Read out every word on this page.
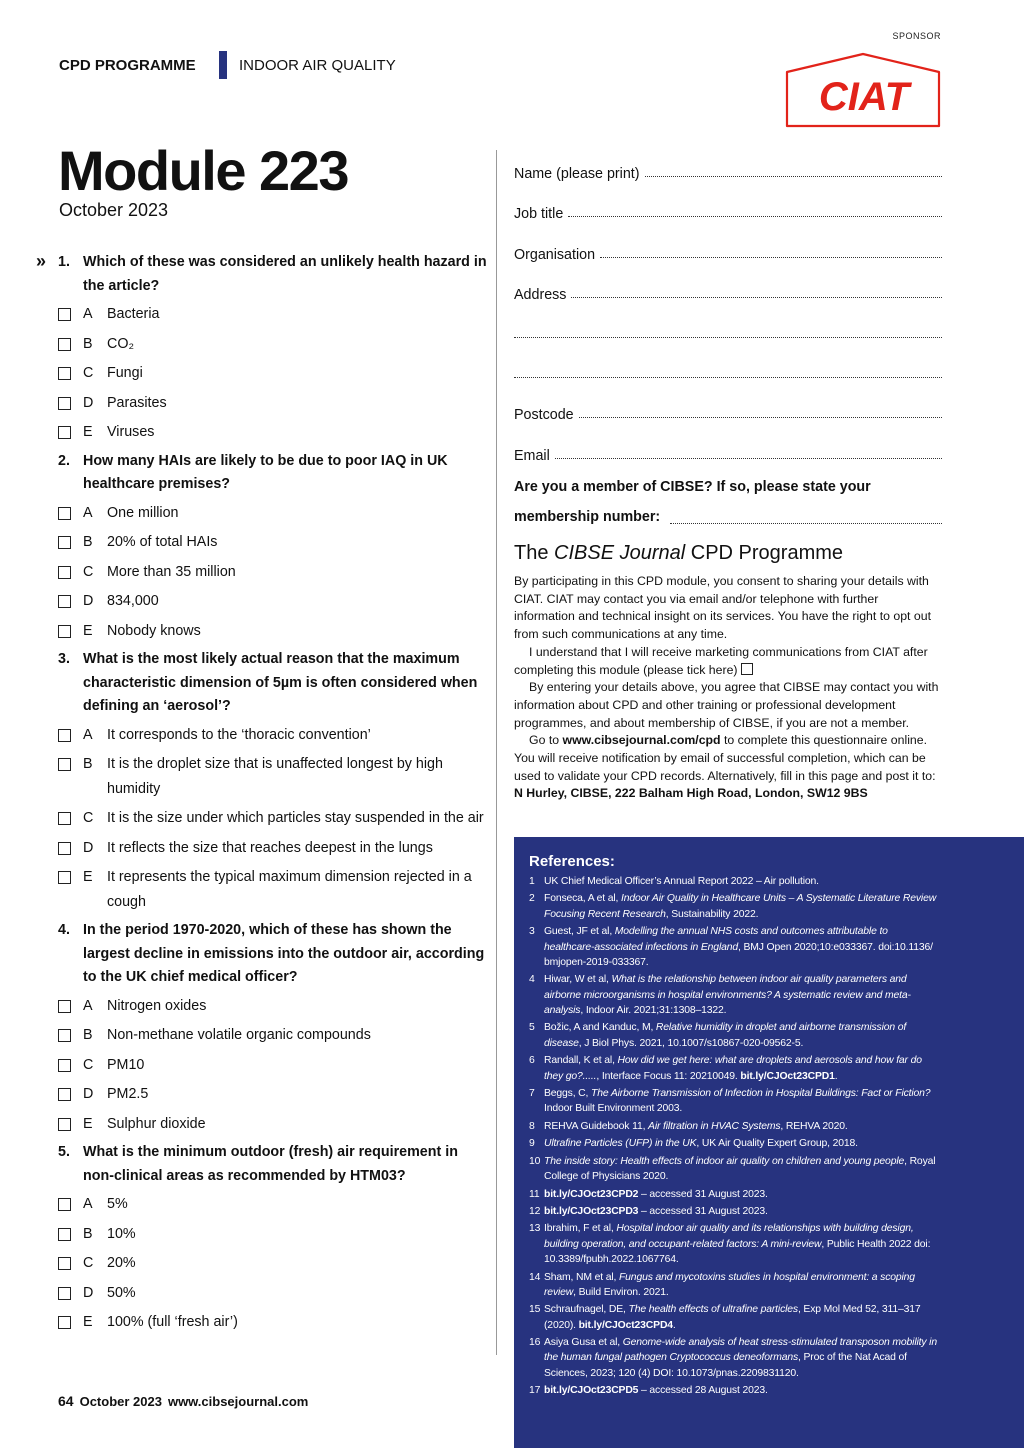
SPONSOR
CIAT
CPD PROGRAMME	INDOOR AIR QUALITY
Module 223
October 2023
» 1. Which of these was considered an unlikely health hazard in the article?
A Bacteria
B CO₂
C Fungi
D Parasites
E Viruses
2. How many HAIs are likely to be due to poor IAQ in UK healthcare premises?
A One million
B 20% of total HAIs
C More than 35 million
D 834,000
E Nobody knows
3. What is the most likely actual reason that the maximum characteristic dimension of 5µm is often considered when defining an ‘aerosol’?
A It corresponds to the ‘thoracic convention’
B It is the droplet size that is unaffected longest by high humidity
C It is the size under which particles stay suspended in the air
D It reflects the size that reaches deepest in the lungs
E It represents the typical maximum dimension rejected in a cough
4. In the period 1970-2020, which of these has shown the largest decline in emissions into the outdoor air, according to the UK chief medical officer?
A Nitrogen oxides
B Non-methane volatile organic compounds
C PM10
D PM2.5
E Sulphur dioxide
5. What is the minimum outdoor (fresh) air requirement in non-clinical areas as recommended by HTM03?
A 5%
B 10%
C 20%
D 50%
E 100% (full ‘fresh air’)
Name (please print)
Job title
Organisation
Address
Postcode
Email
Are you a member of CIBSE? If so, please state your
membership number:
The CIBSE Journal CPD Programme

By participating in this CPD module, you consent to sharing your details with CIAT. CIAT may contact you via email and/or telephone with further information and technical insight on its services. You have the right to opt out from such communications at any time.

I understand that I will receive marketing communications from CIAT after completing this module (please tick here)

By entering your details above, you agree that CIBSE may contact you with information about CPD and other training or professional development programmes, and about membership of CIBSE, if you are not a member.

Go to www.cibsejournal.com/cpd to complete this questionnaire online. You will receive notification by email of successful completion, which can be used to validate your CPD records. Alternatively, fill in this page and post it to: N Hurley, CIBSE, 222 Balham High Road, London, SW12 9BS

References:
1 UK Chief Medical Officer’s Annual Report 2022 – Air pollution.
2 Fonseca, A et al, Indoor Air Quality in Healthcare Units – A Systematic Literature Review Focusing Recent Research, Sustainability 2022.
3 Guest, JF et al, Modelling the annual NHS costs and outcomes attributable to healthcare-associated infections in England, BMJ Open 2020;10:e033367. doi:10.1136/ bmjopen-2019-033367.
4 Hiwar, W et al, What is the relationship between indoor air quality parameters and airborne microorganisms in hospital environments? A systematic review and meta-analysis, Indoor Air. 2021;31:1308–1322.
5 Božic, A and Kanduc, M, Relative humidity in droplet and airborne transmission of disease, J Biol Phys. 2021, 10.1007/s10867-020-09562-5.
6 Randall, K et al, How did we get here: what are droplets and aerosols and how far do they go?....., Interface Focus 11: 20210049. bit.ly/CJOct23CPD1.
7 Beggs, C, The Airborne Transmission of Infection in Hospital Buildings: Fact or Fiction? Indoor Built Environment 2003.
8 REHVA Guidebook 11, Air filtration in HVAC Systems, REHVA 2020.
9 Ultrafine Particles (UFP) in the UK, UK Air Quality Expert Group, 2018.
10 The inside story: Health effects of indoor air quality on children and young people, Royal College of Physicians 2020.
11 bit.ly/CJOct23CPD2 – accessed 31 August 2023.
12 bit.ly/CJOct23CPD3 – accessed 31 August 2023.
13 Ibrahim, F et al, Hospital indoor air quality and its relationships with building design, building operation, and occupant-related factors: A mini-review, Public Health 2022 doi: 10.3389/fpubh.2022.1067764.
14 Sham, NM et al, Fungus and mycotoxins studies in hospital environment: a scoping review, Build Environ. 2021.
15 Schraufnagel, DE, The health effects of ultrafine particles, Exp Mol Med 52, 311–317 (2020). bit.ly/CJOct23CPD4.
16 Asiya Gusa et al, Genome-wide analysis of heat stress-stimulated transposon mobility in the human fungal pathogen Cryptococcus deneoformans, Proc of the Nat Acad of Sciences, 2023; 120 (4) DOI: 10.1073/pnas.2209831120.
17 bit.ly/CJOct23CPD5 – accessed 28 August 2023.
64 October 2023 www.cibsejournal.com
